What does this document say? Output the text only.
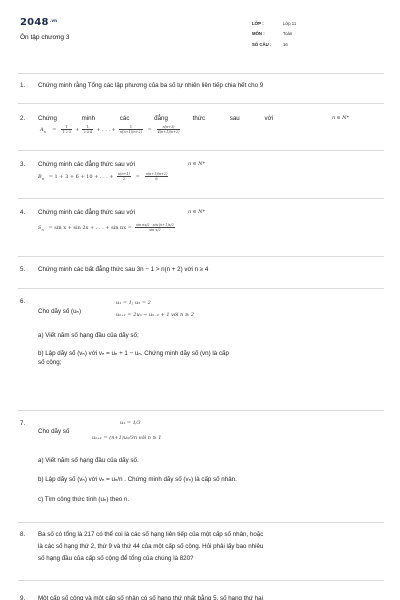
$2048^{.vn}$
Ôn tập chương 3
LỚP :	Lớp 11
MÔN :	Toán
SỐ CÂU :	16
1. Chứng minh rằng Tổng các lập phương của ba số tự nhiên liên tiếp chia hết cho 9
2. Chứng	minh	các	đẳng	thức	sau	với	n ∈ N*
$A_n = \frac{1}{1\cdot 2\cdot 3} + \frac{1}{2\cdot 3\cdot 4}$ + . . . + $\frac{1}{n(n+1)(n+2)} = \frac{n(n+3)}{4(n+1)(n+2)}$
3. Chứng minh các đẳng thức sau với	n ∈ N*
$B_n = 1 + 3 + 6 + 10$ + . . . + $\frac{n(n+1)}{2} = \frac{n(n+1)(n+2)}{6}$
4. Chứng minh các đẳng thức sau với	n ∈ N*
$S_n = \sin x + \sin 2x$ + . . . + sin nx = $\frac{\text{sin nx/2 · sin (n+1)x/2}}{\text{sin x/2}}$
5. Chứng minh các bất đẳng thức sau 3n − 1 > n(n + 2) với n ≥ 4
6.
Cho dãy số (uₙ)
u₁ = 1; u₂ = 2
uₙ₊₁ = 2uₙ − uₙ₋₁ + 1 với n ≥ 2
a) Viết năm số hạng đầu của dãy số;
b) Lập dãy số (vₙ) với vₙ = uₙ + 1 − uₙ. Chứng minh dãy số (vn) là cấp
số cộng;
7.
Cho dãy số
u₁ = 1/3
uₙ₊₁ = (n+1)uₙ/3n với n ≥ 1
a) Viết năm số hạng đầu của dãy số.
b) Lập dãy số (vₙ) với vₙ = uₙ/n . Chứng minh dãy số (vₙ) là cấp số nhân.
c) Tìm công thức tính (uₙ) theo n.
8. Ba số có tổng là 217 có thể coi là các số hạng liên tiếp của một cấp số nhân, hoặc
là các số hạng thứ 2, thứ 9 và thứ 44 của một cấp số cộng. Hỏi phải lấy bao nhiêu
số hạng đầu của cấp số cộng để tổng của chúng là 820?
9. Một cấp số cộng và một cấp số nhân có số hạng thứ nhất bằng 5, số hạng thứ hai
